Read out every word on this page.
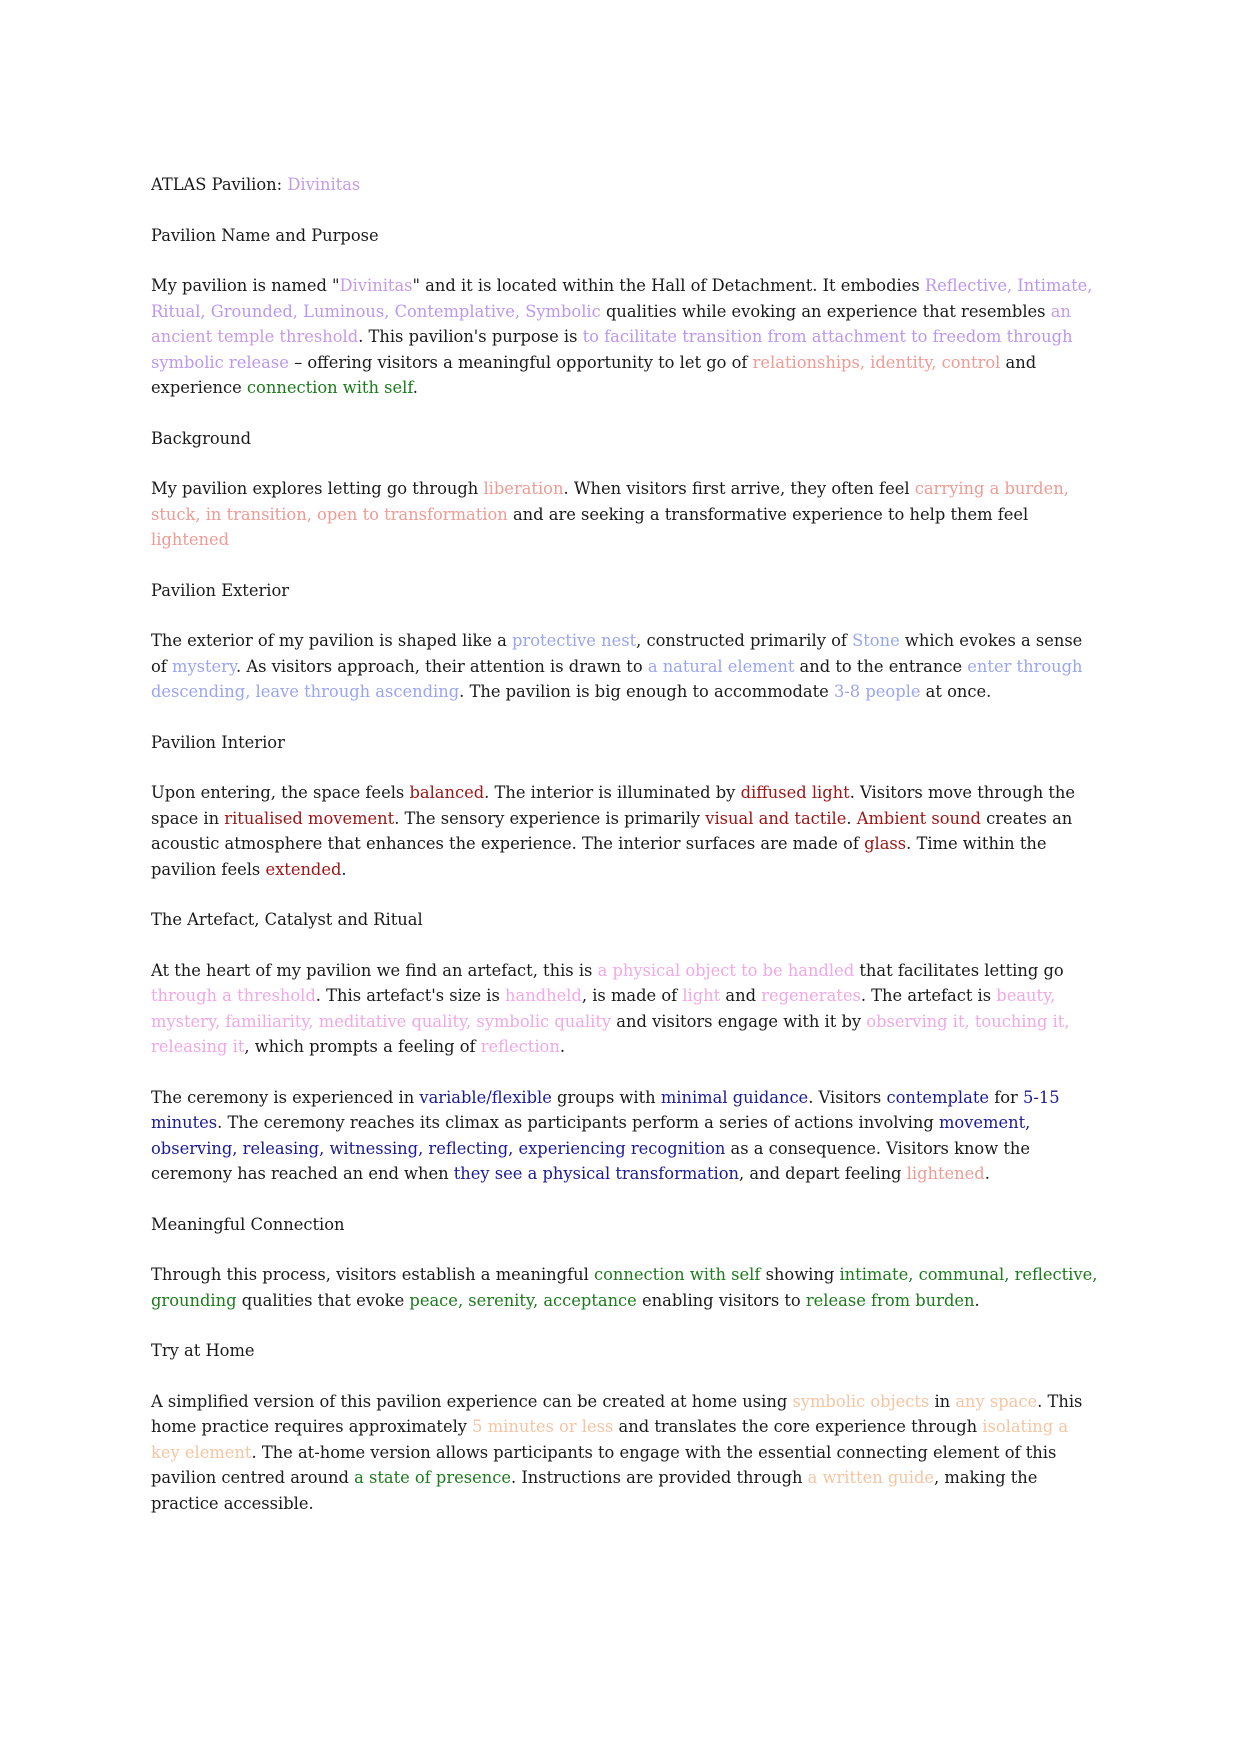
ATLAS Pavilion: Divinitas
Pavilion Name and Purpose
My pavilion is named "Divinitas" and it is located within the Hall of Detachment. It embodies Reflective, Intimate, Ritual, Grounded, Luminous, Contemplative, Symbolic qualities while evoking an experience that resembles an ancient temple threshold. This pavilion's purpose is to facilitate transition from attachment to freedom through symbolic release – offering visitors a meaningful opportunity to let go of relationships, identity, control and experience connection with self.
Background
My pavilion explores letting go through liberation. When visitors first arrive, they often feel carrying a burden, stuck, in transition, open to transformation and are seeking a transformative experience to help them feel lightened
Pavilion Exterior
The exterior of my pavilion is shaped like a protective nest, constructed primarily of Stone which evokes a sense of mystery. As visitors approach, their attention is drawn to a natural element and to the entrance enter through descending, leave through ascending. The pavilion is big enough to accommodate 3-8 people at once.
Pavilion Interior
Upon entering, the space feels balanced. The interior is illuminated by diffused light. Visitors move through the space in ritualised movement. The sensory experience is primarily visual and tactile. Ambient sound creates an acoustic atmosphere that enhances the experience. The interior surfaces are made of glass. Time within the pavilion feels extended.
The Artefact, Catalyst and Ritual
At the heart of my pavilion we find an artefact, this is a physical object to be handled that facilitates letting go through a threshold. This artefact's size is handheld, is made of light and regenerates. The artefact is beauty, mystery, familiarity, meditative quality, symbolic quality and visitors engage with it by observing it, touching it, releasing it, which prompts a feeling of reflection.
The ceremony is experienced in variable/flexible groups with minimal guidance. Visitors contemplate for 5-15 minutes. The ceremony reaches its climax as participants perform a series of actions involving movement, observing, releasing, witnessing, reflecting, experiencing recognition as a consequence. Visitors know the ceremony has reached an end when they see a physical transformation, and depart feeling lightened.
Meaningful Connection
Through this process, visitors establish a meaningful connection with self showing intimate, communal, reflective, grounding qualities that evoke peace, serenity, acceptance enabling visitors to release from burden.
Try at Home
A simplified version of this pavilion experience can be created at home using symbolic objects in any space. This home practice requires approximately 5 minutes or less and translates the core experience through isolating a key element. The at-home version allows participants to engage with the essential connecting element of this pavilion centred around a state of presence. Instructions are provided through a written guide, making the practice accessible.
